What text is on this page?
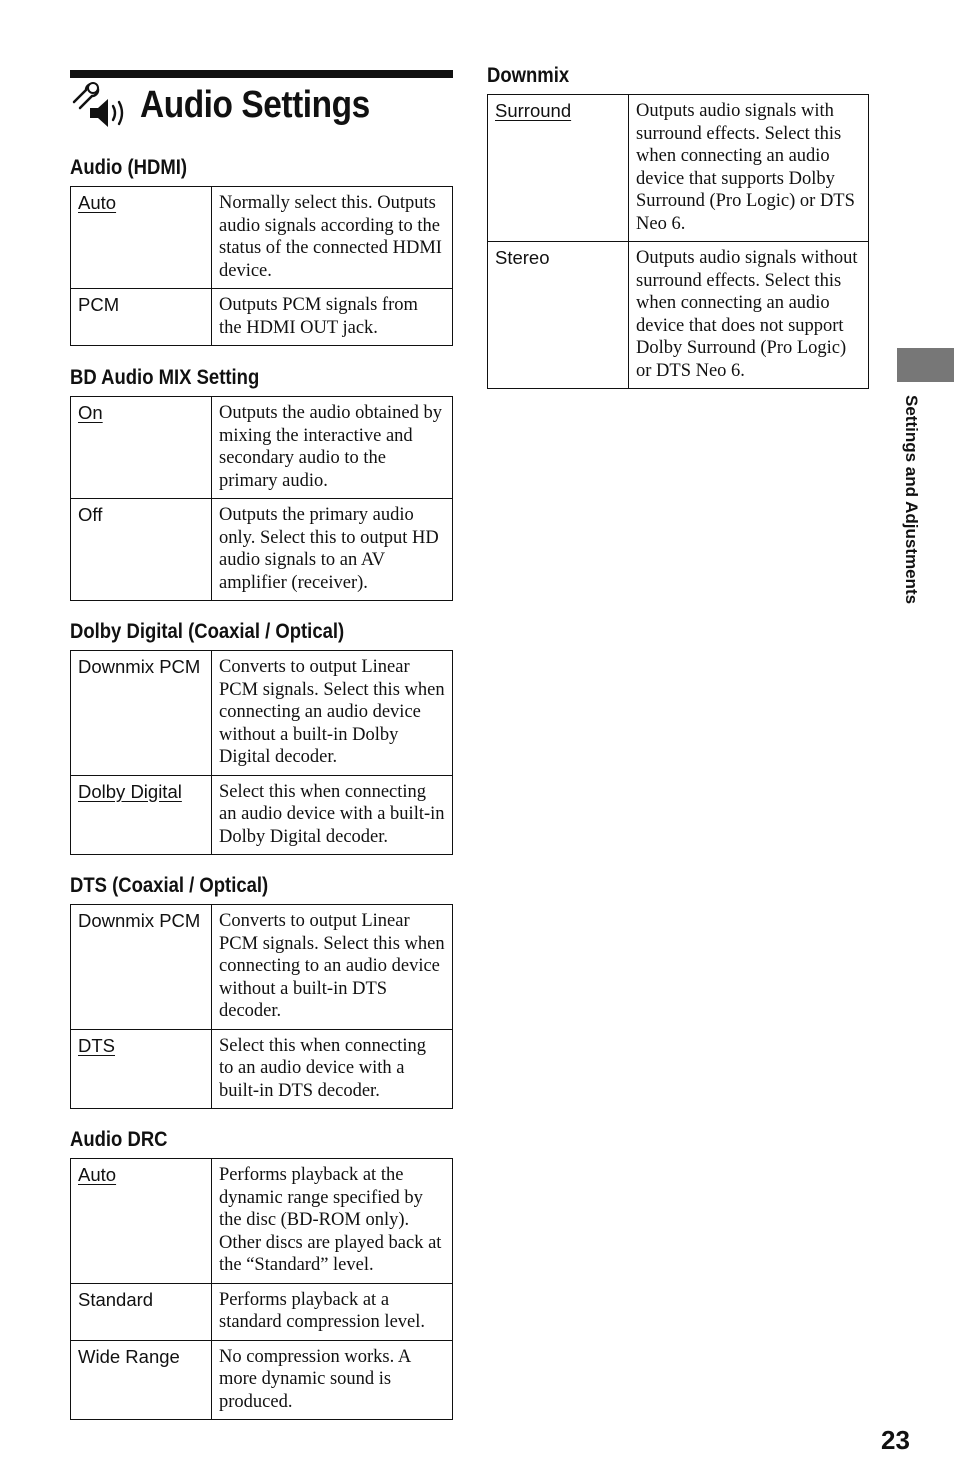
Audio Settings
Audio (HDMI)
Auto	Normally select this. Outputs audio signals according to the status of the connected HDMI device.
PCM	Outputs PCM signals from the HDMI OUT jack.
BD Audio MIX Setting
On	Outputs the audio obtained by mixing the interactive and secondary audio to the primary audio.
Off	Outputs the primary audio only. Select this to output HD audio signals to an AV amplifier (receiver).
Dolby Digital (Coaxial / Optical)
Downmix PCM	Converts to output Linear PCM signals. Select this when connecting an audio device without a built-in Dolby Digital decoder.
Dolby Digital	Select this when connecting an audio device with a built-in Dolby Digital decoder.
DTS (Coaxial / Optical)
Downmix PCM	Converts to output Linear PCM signals. Select this when connecting to an audio device without a built-in DTS decoder.
DTS	Select this when connecting to an audio device with a built-in DTS decoder.
Audio DRC
Auto	Performs playback at the dynamic range specified by the disc (BD-ROM only). Other discs are played back at the “Standard” level.
Standard	Performs playback at a standard compression level.
Wide Range	No compression works. A more dynamic sound is produced.
Downmix
Surround	Outputs audio signals with surround effects. Select this when connecting an audio device that supports Dolby Surround (Pro Logic) or DTS Neo 6.
Stereo	Outputs audio signals without surround effects. Select this when connecting an audio device that does not support Dolby Surround (Pro Logic) or DTS Neo 6.
Settings and Adjustments
23
